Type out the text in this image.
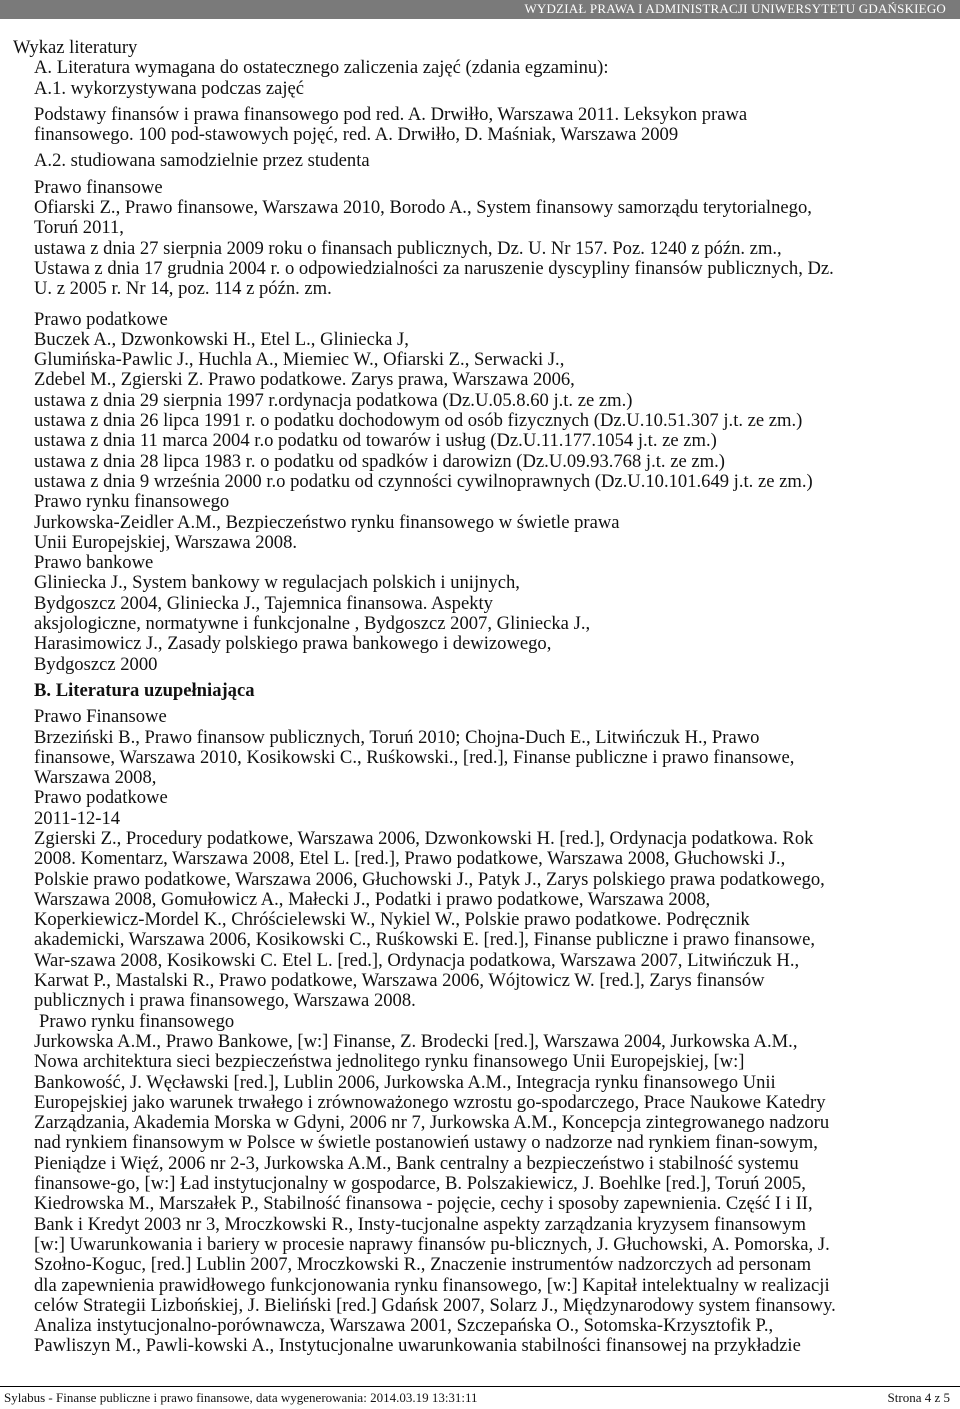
WYDZIAŁ PRAWA I ADMINISTRACJI UNIWERSYTETU GDAŃSKIEGO
Wykaz literatury
A. Literatura wymagana do ostatecznego zaliczenia zajęć (zdania egzaminu):
A.1. wykorzystywana podczas zajęć
Podstawy finansów i prawa finansowego pod red. A. Drwiłło, Warszawa 2011. Leksykon prawa
finansowego. 100 pod-stawowych pojęć, red. A. Drwiłło, D. Maśniak, Warszawa 2009
A.2. studiowana samodzielnie przez studenta
Prawo finansowe
Ofiarski Z., Prawo finansowe, Warszawa 2010, Borodo A., System finansowy samorządu terytorialnego,
Toruń 2011,
ustawa z dnia 27 sierpnia 2009 roku o finansach publicznych, Dz. U. Nr 157. Poz. 1240 z późn. zm.,
Ustawa z dnia 17 grudnia 2004 r. o odpowiedzialności za naruszenie dyscypliny finansów publicznych, Dz.
U. z 2005 r. Nr 14, poz. 114 z późn. zm.
Prawo podatkowe
Buczek A., Dzwonkowski H., Etel L., Gliniecka J,
Glumińska-Pawlic J., Huchla A., Miemiec W., Ofiarski Z., Serwacki J.,
Zdebel M., Zgierski Z. Prawo podatkowe. Zarys prawa, Warszawa 2006,
ustawa z dnia 29 sierpnia 1997 r.ordynacja podatkowa (Dz.U.05.8.60 j.t. ze zm.)
ustawa z dnia 26 lipca 1991 r. o podatku dochodowym od osób fizycznych (Dz.U.10.51.307 j.t. ze zm.)
ustawa z dnia 11 marca 2004 r.o podatku od towarów i usług (Dz.U.11.177.1054 j.t. ze zm.)
ustawa z dnia 28 lipca 1983 r. o podatku od spadków i darowizn (Dz.U.09.93.768 j.t. ze zm.)
ustawa z dnia 9 września 2000 r.o podatku od czynności cywilnoprawnych (Dz.U.10.101.649 j.t. ze zm.)
Prawo rynku finansowego
Jurkowska-Zeidler A.M., Bezpieczeństwo rynku finansowego w świetle prawa
Unii Europejskiej, Warszawa 2008.
Prawo bankowe
Gliniecka J., System bankowy w regulacjach polskich i unijnych,
Bydgoszcz 2004, Gliniecka J., Tajemnica finansowa. Aspekty
aksjologiczne, normatywne i funkcjonalne , Bydgoszcz 2007, Gliniecka J.,
Harasimowicz J., Zasady polskiego prawa bankowego i dewizowego,
Bydgoszcz 2000
B. Literatura uzupełniająca
Prawo Finansowe
Brzeziński B., Prawo finansow publicznych, Toruń 2010; Chojna-Duch E., Litwińczuk H., Prawo
finansowe, Warszawa 2010, Kosikowski C., Ruśkowski., [red.], Finanse publiczne i prawo finansowe,
Warszawa 2008,
Prawo podatkowe
2011-12-14
Zgierski Z., Procedury podatkowe, Warszawa 2006, Dzwonkowski H. [red.], Ordynacja podatkowa. Rok
2008. Komentarz, Warszawa 2008, Etel L. [red.], Prawo podatkowe, Warszawa 2008, Głuchowski J.,
Polskie prawo podatkowe, Warszawa 2006, Głuchowski J., Patyk J., Zarys polskiego prawa podatkowego,
Warszawa 2008, Gomułowicz A., Małecki J., Podatki i prawo podatkowe, Warszawa 2008,
Koperkiewicz-Mordel K., Chróścielewski W., Nykiel W., Polskie prawo podatkowe. Podręcznik
akademicki, Warszawa 2006, Kosikowski C., Ruśkowski E. [red.], Finanse publiczne i prawo finansowe,
War-szawa 2008, Kosikowski C. Etel L. [red.], Ordynacja podatkowa, Warszawa 2007, Litwińczuk H.,
Karwat P., Mastalski R., Prawo podatkowe, Warszawa 2006, Wójtowicz W. [red.], Zarys finansów
publicznych i prawa finansowego, Warszawa 2008.
Prawo rynku finansowego
Jurkowska A.M., Prawo Bankowe, [w:] Finanse, Z. Brodecki [red.], Warszawa 2004, Jurkowska A.M.,
Nowa architektura sieci bezpieczeństwa jednolitego rynku finansowego Unii Europejskiej, [w:]
Bankowość, J. Węcławski [red.], Lublin 2006, Jurkowska A.M., Integracja rynku finansowego Unii
Europejskiej jako warunek trwałego i zrównoważonego wzrostu go-spodarczego, Prace Naukowe Katedry
Zarządzania, Akademia Morska w Gdyni, 2006 nr 7, Jurkowska A.M., Koncepcja zintegrowanego nadzoru
nad rynkiem finansowym w Polsce w świetle postanowień ustawy o nadzorze nad rynkiem finan-sowym,
Pieniądze i Więź, 2006 nr 2-3, Jurkowska A.M., Bank centralny a bezpieczeństwo i stabilność systemu
finansowe-go, [w:] Ład instytucjonalny w gospodarce, B. Polszakiewicz, J. Boehlke [red.], Toruń 2005,
Kiedrowska M., Marszałek P., Stabilność finansowa - pojęcie, cechy i sposoby zapewnienia. Część I i II,
Bank i Kredyt 2003 nr 3, Mroczkowski R., Insty-tucjonalne aspekty zarządzania kryzysem finansowym
[w:] Uwarunkowania i bariery w procesie naprawy finansów pu-blicznych, J. Głuchowski, A. Pomorska, J.
Szołno-Koguc, [red.] Lublin 2007, Mroczkowski R., Znaczenie instrumentów nadzorczych ad personam
dla zapewnienia prawidłowego funkcjonowania rynku finansowego, [w:] Kapitał intelektualny w realizacji
celów Strategii Lizbońskiej, J. Bieliński [red.] Gdańsk 2007, Solarz J., Międzynarodowy system finansowy.
Analiza instytucjonalno-porównawcza, Warszawa 2001, Szczepańska O., Sotomska-Krzysztofik P.,
Pawliszyn M., Pawli-kowski A., Instytucjonalne uwarunkowania stabilności finansowej na przykładzie
Sylabus - Finanse publiczne i prawo finansowe, data wygenerowania: 2014.03.19 13:31:11	Strona 4 z 5
